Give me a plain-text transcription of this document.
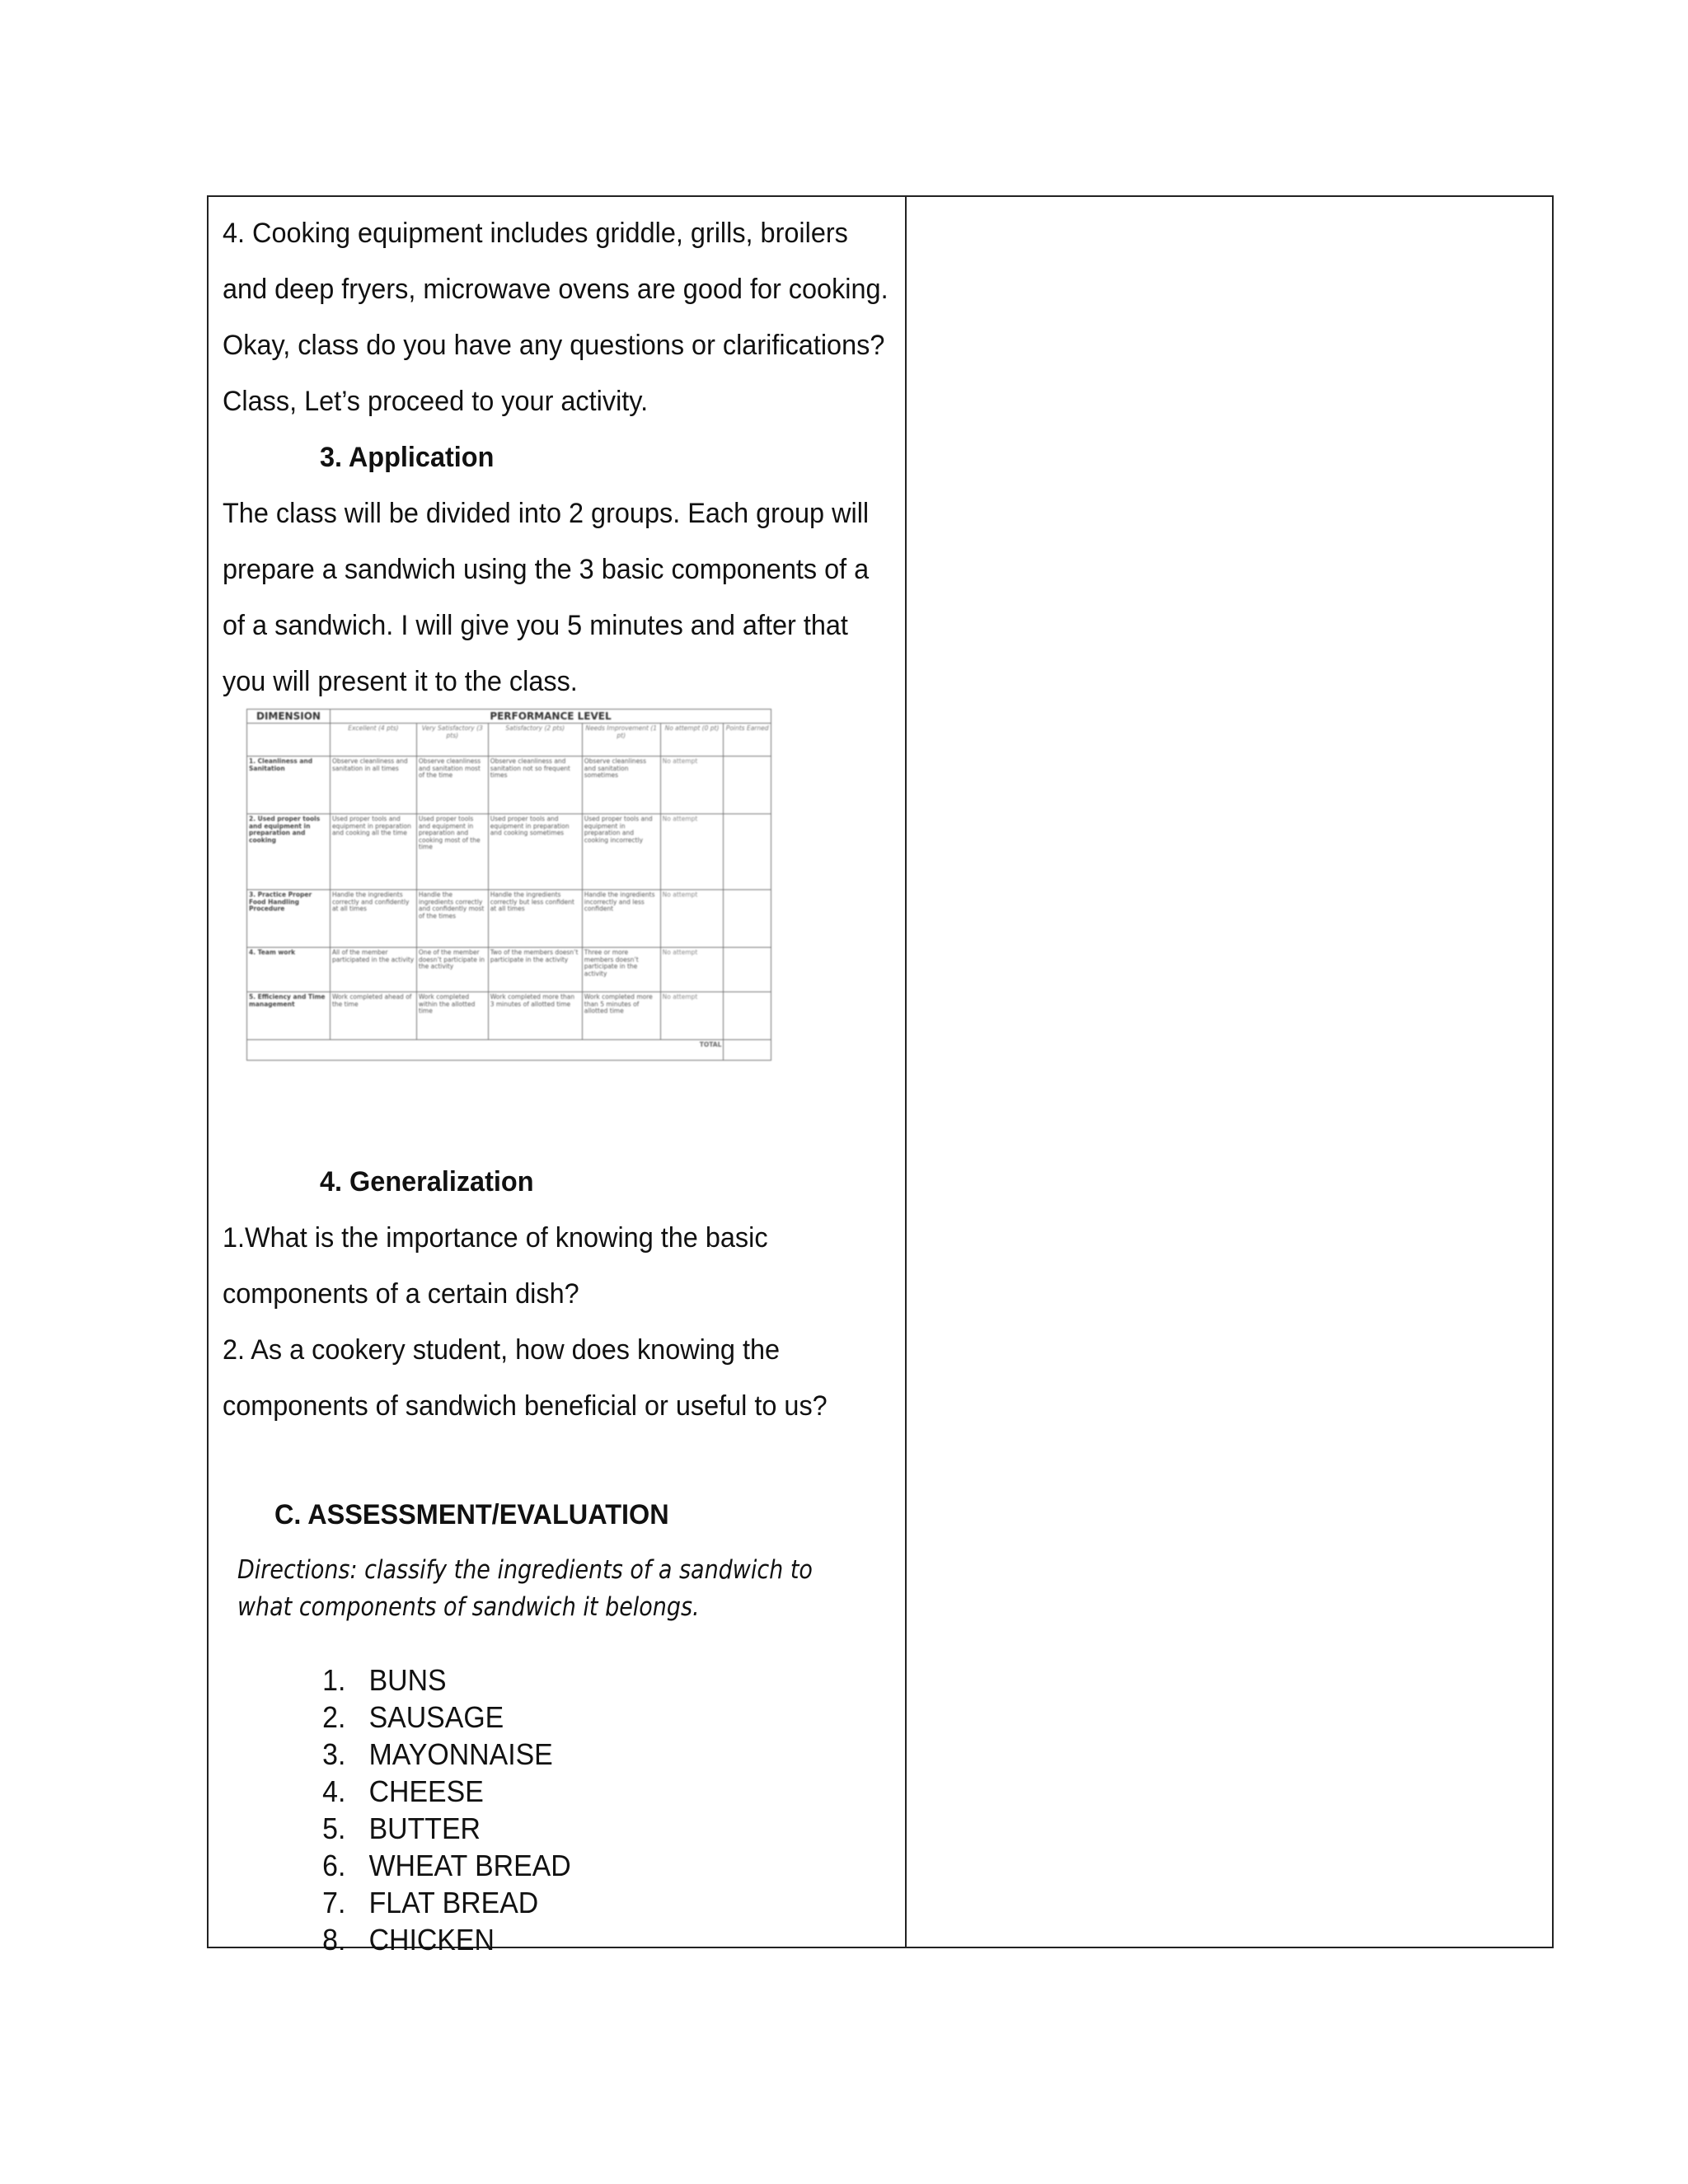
4. Cooking equipment includes griddle, grills, broilers
and deep fryers, microwave ovens are good for cooking.
Okay, class do you have any questions or clarifications?
Class, Let’s proceed to your activity.
3. Application
The class will be divided into 2 groups. Each group will
prepare a sandwich using the 3 basic components of a
of a sandwich. I will give you 5 minutes and after that
you will present it to the class.
4. Generalization
1.What is the importance of knowing the basic
components of a certain dish?
2. As a cookery student, how does knowing the
components of sandwich beneficial or useful to us?
C. ASSESSMENT/EVALUATION
Directions: classify the ingredients of a sandwich to
what components of sandwich it belongs.
1. BUNS
2. SAUSAGE
3. MAYONNAISE
4. CHEESE
5. BUTTER
6. WHEAT BREAD
7. FLAT BREAD
8. CHICKEN
DIMENSION	PERFORMANCE LEVEL					
	Excellent (4 pts)	Very Satisfactory (3 pts)	Satisfactory (2 pts)	Needs Improvement (1 pt)	No attempt (0 pt)	Points Earned
1. Cleanliness and Sanitation	Observe cleanliness and sanitation in all times	Observe cleanliness and sanitation most of the time	Observe cleanliness and sanitation not so frequent times	Observe cleanliness and sanitation sometimes	No attempt	
2. Used proper tools and equipment in preparation and cooking	Used proper tools and equipment in preparation and cooking all the time	Used proper tools and equipment in preparation and cooking most of the time	Used proper tools and equipment in preparation and cooking sometimes	Used proper tools and equipment in preparation and cooking incorrectly	No attempt	
3. Practice Proper Food Handling Procedure	Handle the ingredients correctly and confidently at all times	Handle the ingredients correctly and confidently most of the times	Handle the ingredients correctly but less confident at all times	Handle the ingredients incorrectly and less confident	No attempt	
4. Team work	All of the member participated in the activity	One of the member doesn’t participate in the activity	Two of the members doesn’t participate in the activity	Three or more members doesn’t participate in the activity	No attempt	
5. Efficiency and Time management	Work completed ahead of the time	Work completed within the allotted time	Work completed more than 3 minutes of allotted time	Work completed more than 5 minutes of allotted time	No attempt	
TOTAL						
